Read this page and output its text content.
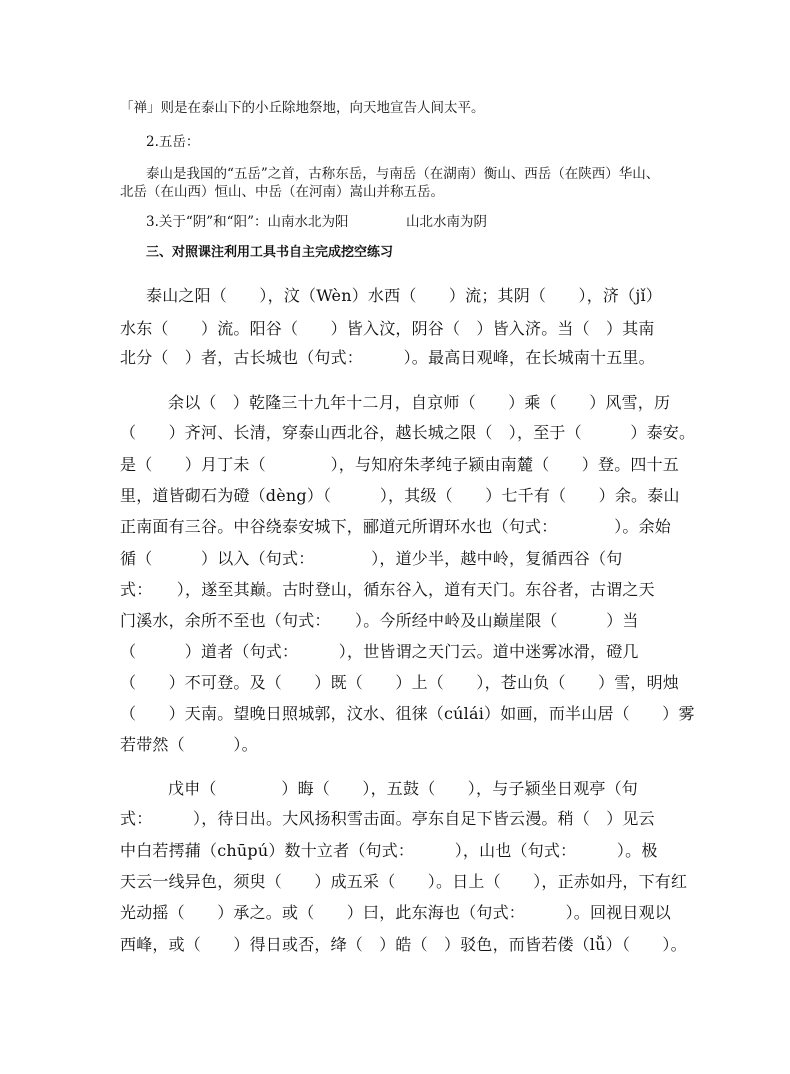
「禅」则是在泰山下的小丘除地祭地，向天地宣告人间太平。
2.五岳：
泰山是我国的“五岳”之首，古称东岳，与南岳（在湖南）衡山、西岳（在陕西）华山、
北岳（在山西）恒山、中岳（在河南）嵩山并称五岳。
3.关于“阴”和“阳”：山南水北为阳	山北水南为阴
三、对照课注利用工具书自主完成挖空练习
泰山之阳（　　），汶（Wèn）水西（　　）流；其阴（　　），济（jǐ）
水东（　　）流。阳谷（　　）皆入汶，阴谷（　）皆入济。当（　）其南
北分（　）者，古长城也（句式：　　　）。最高日观峰，在长城南十五里。
余以（　）乾隆三十九年十二月，自京师（　　）乘（　　）风雪，历
（　　）齐河、长清，穿泰山西北谷，越长城之限（　），至于（　　　）泰安。
是（　　）月丁未（　　　　），与知府朱孝纯子颍由南麓（　　）登。四十五
里，道皆砌石为磴（dèng）（　　　），其级（　　）七千有（　　）余。泰山
正南面有三谷。中谷绕泰安城下，郦道元所谓环水也（句式：　　　　）。余始
循（　　　）以入（句式：　　　　），道少半，越中岭，复循西谷（句
式：　　），遂至其巅。古时登山，循东谷入，道有天门。东谷者，古谓之天
门溪水，余所不至也（句式：　　）。今所经中岭及山巅崖限（　　　）当
（　　　）道者（句式：　　　），世皆谓之天门云。道中迷雾冰滑，磴几
（　　）不可登。及（　　）既（　　）上（　　），苍山负（　　）雪，明烛
（　　）天南。望晚日照城郭，汶水、徂徕（cúlái）如画，而半山居（　　）雾
若带然（　　　）。
戊申（　　　　）晦（　　），五鼓（　　），与子颍坐日观亭（句
式：　　　），待日出。大风扬积雪击面。亭东自足下皆云漫。稍（　）见云
中白若摴蒱（chūpú）数十立者（句式：　　　），山也（句式：　　　）。极
天云一线异色，须臾（　　）成五采（　　）。日上（　　），正赤如丹，下有红
光动摇（　　）承之。或（　　）曰，此东海也（句式：　　　）。回视日观以
西峰，或（　　）得日或否，绛（　）皓（　）驳色，而皆若偻（lǚ）（　　）。
